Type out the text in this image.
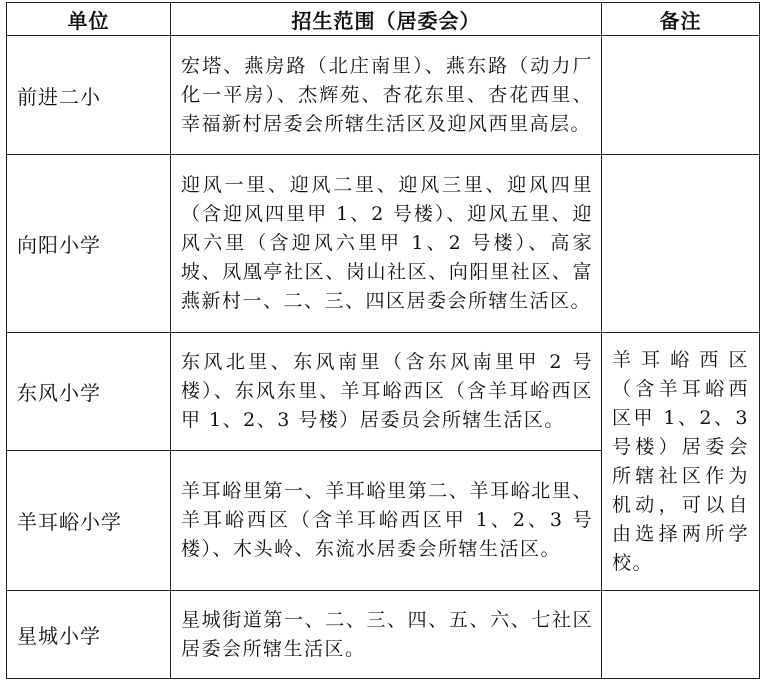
单位	招生范围（居委会）	备注
前进二小	宏塔、燕房路（北庄南里）、燕东路（动力厂化一平房）、杰辉苑、杏花东里、杏花西里、幸福新村居委会所辖生活区及迎风西里高层。	
向阳小学	迎风一里、迎风二里、迎风三里、迎风四里（含迎风四里甲 1、2 号楼）、迎风五里、迎风六里（含迎风六里甲 1、2 号楼）、高家坡、凤凰亭社区、岗山社区、向阳里社区、富燕新村一、二、三、四区居委会所辖生活区。	
东风小学	东风北里、东风南里（含东风南里甲 2 号楼）、东风东里、羊耳峪西区（含羊耳峪西区甲 1、2、3 号楼）居委员会所辖生活区。	羊耳峪西区（含羊耳峪西区甲 1、2、3 号楼）居委会所辖社区作为机动，可以自由选择两所学校。
羊耳峪小学	羊耳峪里第一、羊耳峪里第二、羊耳峪北里、羊耳峪西区（含羊耳峪西区甲 1、2、3 号楼）、木头岭、东流水居委会所辖生活区。	
星城小学	星城街道第一、二、三、四、五、六、七社区居委会所辖生活区。	
